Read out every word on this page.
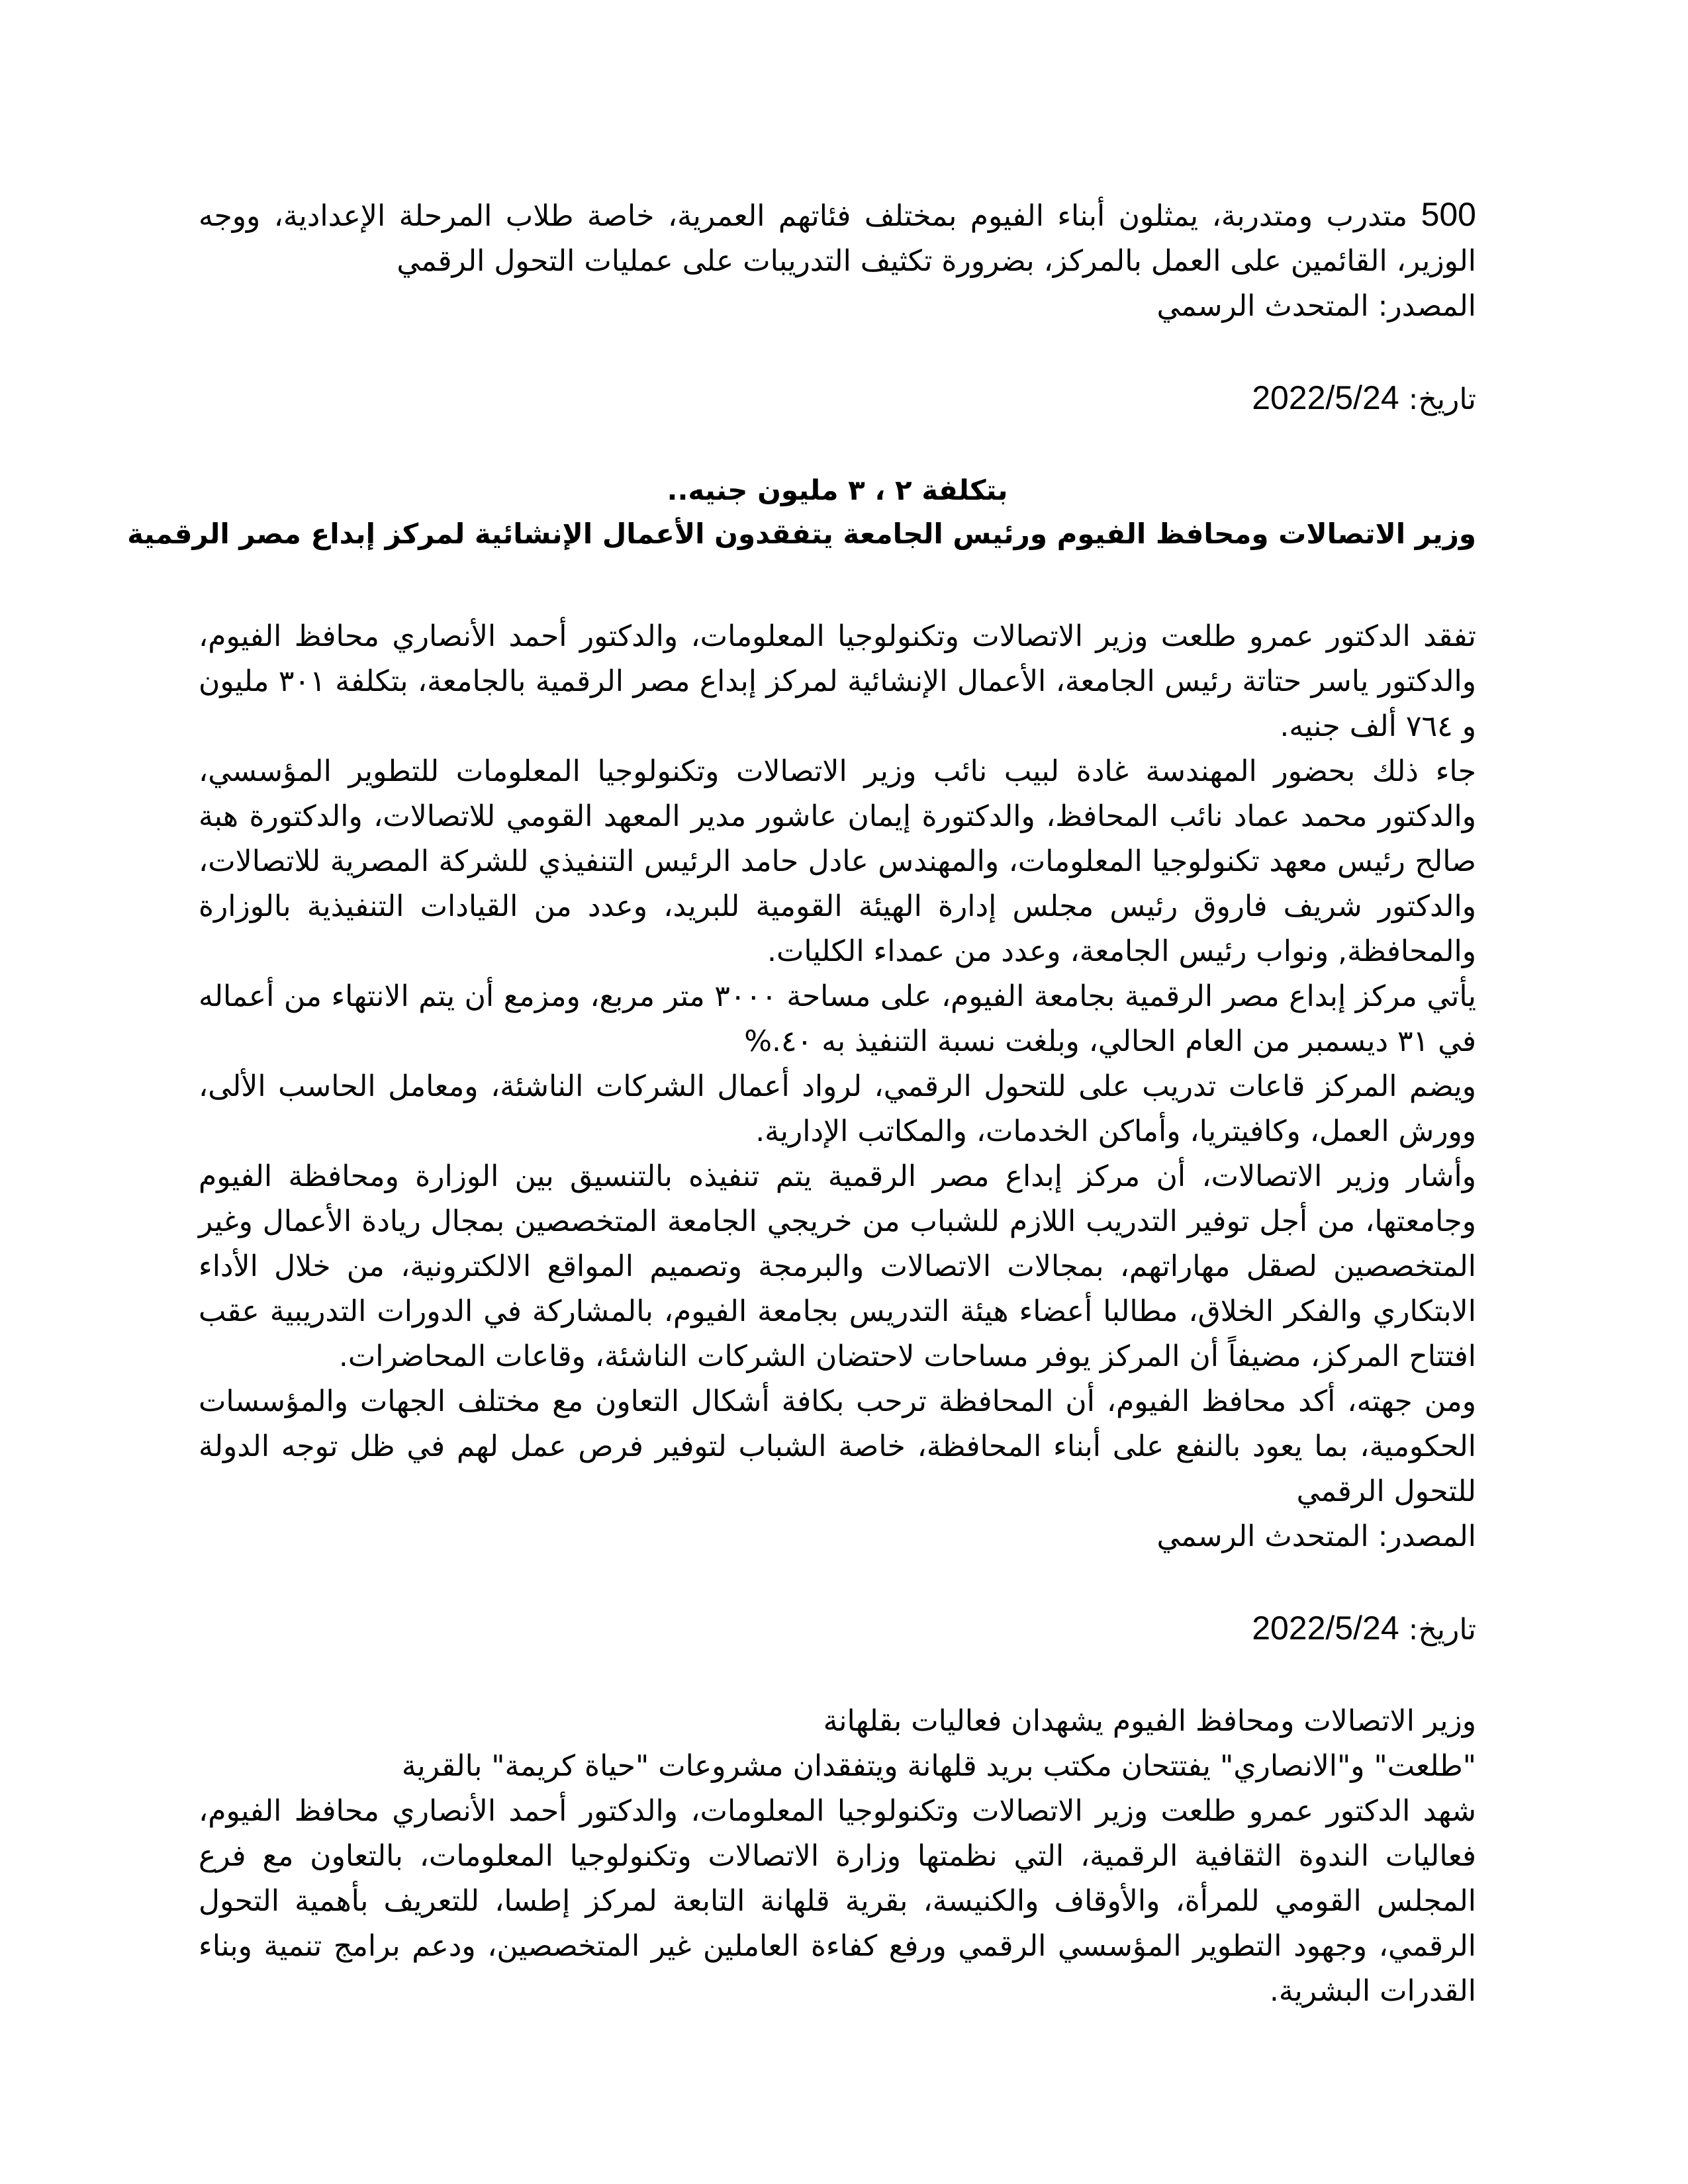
500 متدرب ومتدربة، يمثلون أبناء الفيوم بمختلف فئاتهم العمرية، خاصة طلاب المرحلة الإعدادية، ووجه الوزير، القائمين على العمل بالمركز، بضرورة تكثيف التدريبات على عمليات التحول الرقمي

المصدر: المتحدث الرسمي

تاريخ: 2022/5/24

بتكلفة ٢ ، ٣ مليون جنيه..

وزير الاتصالات ومحافظ الفيوم ورئيس الجامعة يتفقدون الأعمال الإنشائية لمركز إبداع مصر الرقمية

تفقد الدكتور عمرو طلعت وزير الاتصالات وتكنولوجيا المعلومات، والدكتور أحمد الأنصاري محافظ الفيوم، والدكتور ياسر حتاتة رئيس الجامعة، الأعمال الإنشائية لمركز إبداع مصر الرقمية بالجامعة، بتكلفة ٣٠١ مليون و ٧٦٤ ألف جنيه.

جاء ذلك بحضور المهندسة غادة لبيب نائب وزير الاتصالات وتكنولوجيا المعلومات للتطوير المؤسسي، والدكتور محمد عماد نائب المحافظ، والدكتورة إيمان عاشور مدير المعهد القومي للاتصالات، والدكتورة هبة صالح رئيس معهد تكنولوجيا المعلومات، والمهندس عادل حامد الرئيس التنفيذي للشركة المصرية للاتصالات، والدكتور شريف فاروق رئيس مجلس إدارة الهيئة القومية للبريد، وعدد من القيادات التنفيذية بالوزارة والمحافظة, ونواب رئيس الجامعة، وعدد من عمداء الكليات.

يأتي مركز إبداع مصر الرقمية بجامعة الفيوم، على مساحة ٣٠٠٠ متر مربع، ومزمع أن يتم الانتهاء من أعماله في ٣١ ديسمبر من العام الحالي، وبلغت نسبة التنفيذ به ٤٠.%

ويضم المركز قاعات تدريب على للتحول الرقمي، لرواد أعمال الشركات الناشئة، ومعامل الحاسب الألى، وورش العمل، وكافيتريا، وأماكن الخدمات، والمكاتب الإدارية.

وأشار وزير الاتصالات، أن مركز إبداع مصر الرقمية يتم تنفيذه بالتنسيق بين الوزارة ومحافظة الفيوم وجامعتها، من أجل توفير التدريب اللازم للشباب من خريجي الجامعة المتخصصين بمجال ريادة الأعمال وغير المتخصصين لصقل مهاراتهم، بمجالات الاتصالات والبرمجة وتصميم المواقع الالكترونية، من خلال الأداء الابتكاري والفكر الخلاق، مطالبا أعضاء هيئة التدريس بجامعة الفيوم، بالمشاركة في الدورات التدريبية عقب افتتاح المركز، مضيفاً أن المركز يوفر مساحات لاحتضان الشركات الناشئة، وقاعات المحاضرات.

ومن جهته، أكد محافظ الفيوم، أن المحافظة ترحب بكافة أشكال التعاون مع مختلف الجهات والمؤسسات الحكومية، بما يعود بالنفع على أبناء المحافظة، خاصة الشباب لتوفير فرص عمل لهم في ظل توجه الدولة للتحول الرقمي

المصدر: المتحدث الرسمي

تاريخ: 2022/5/24

وزير الاتصالات ومحافظ الفيوم يشهدان فعاليات بقلهانة

"طلعت" و"الانصاري" يفتتحان مكتب بريد قلهانة ويتفقدان مشروعات "حياة كريمة" بالقرية

شهد الدكتور عمرو طلعت وزير الاتصالات وتكنولوجيا المعلومات، والدكتور أحمد الأنصاري محافظ الفيوم، فعاليات الندوة الثقافية الرقمية، التي نظمتها وزارة الاتصالات وتكنولوجيا المعلومات، بالتعاون مع فرع المجلس القومي للمرأة، والأوقاف والكنيسة، بقرية قلهانة التابعة لمركز إطسا، للتعريف بأهمية التحول الرقمي، وجهود التطوير المؤسسي الرقمي ورفع كفاءة العاملين غير المتخصصين، ودعم برامج تنمية وبناء القدرات البشرية.
